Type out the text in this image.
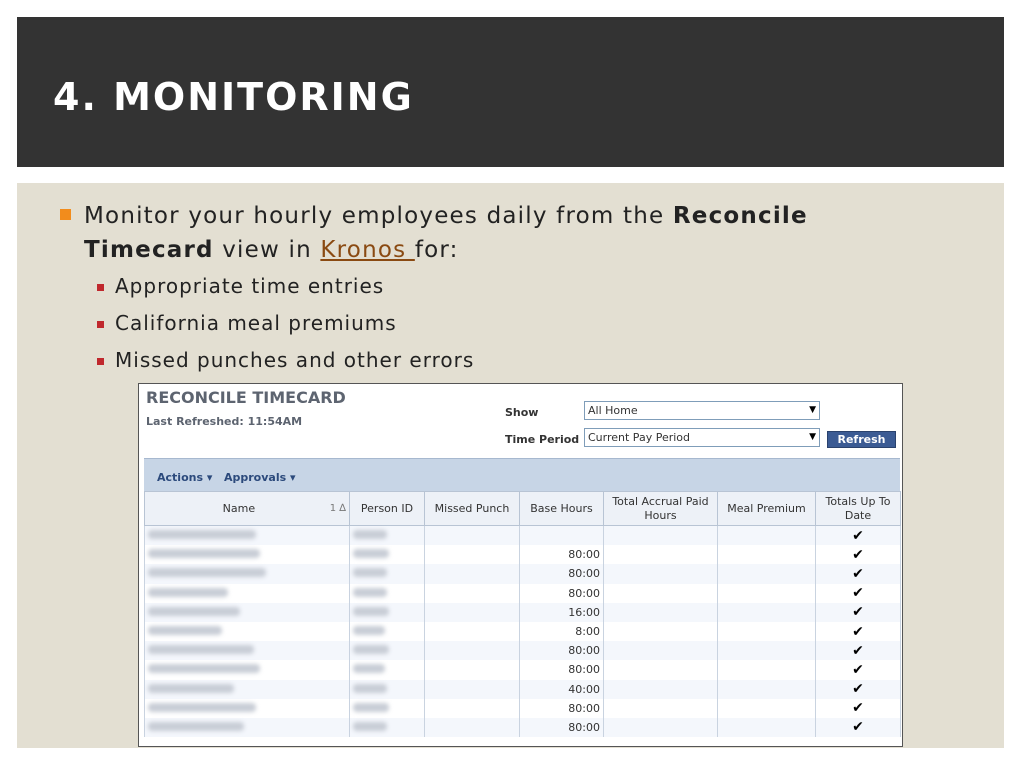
4. MONITORING
Monitor your hourly employees daily from the Reconcile Timecard view in Kronos for:
Appropriate time entries
California meal premiums
Missed punches and other errors
RECONCILE TIMECARD
Last Refreshed: 11:54AM
Show	All Home	▼
Time Period Current Pay Period	▼	Refresh
Actions ▾ Approvals ▾
Name 1 ∆	Person ID	Missed Punch	Base Hours	Total Accrual Paid Hours	Meal Premium	Totals Up To Date
						✔
			80:00			✔
			80:00			✔
			80:00			✔
			16:00			✔
			8:00			✔
			80:00			✔
			80:00			✔
			40:00			✔
			80:00			✔
			80:00			✔
